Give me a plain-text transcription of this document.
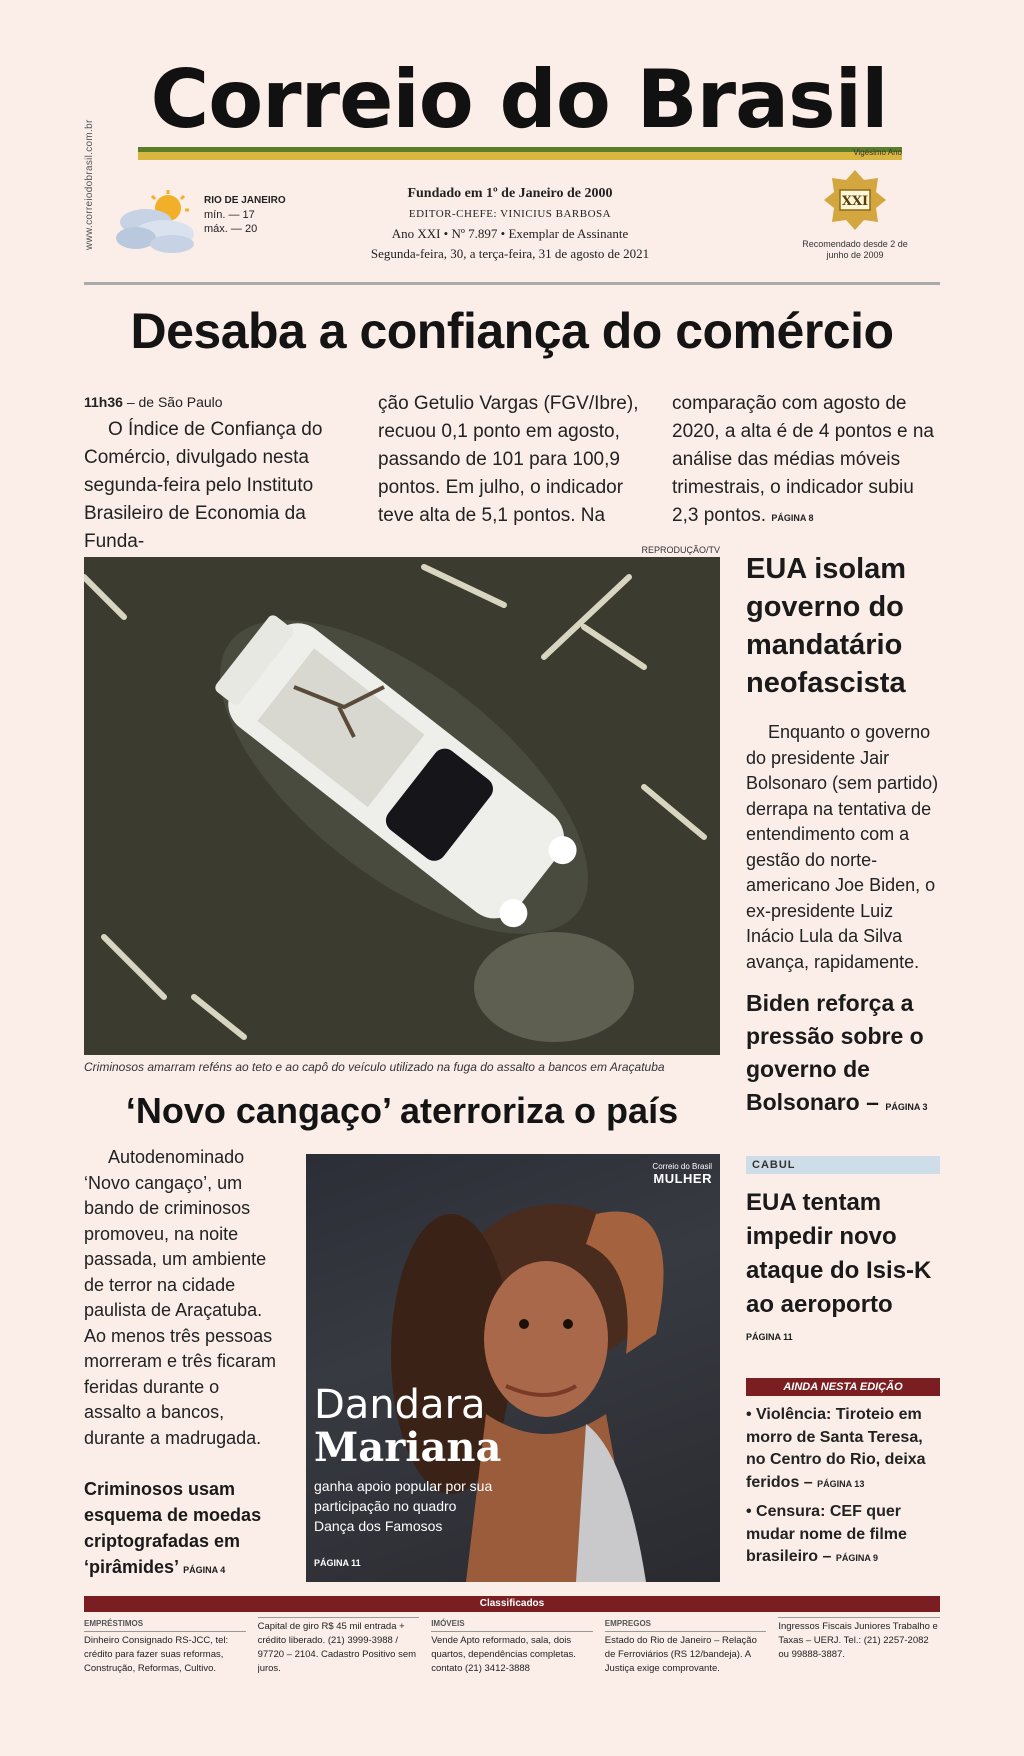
www.correiodobrasil.com.br
Correio do Brasil
Vigésimo Ano
RIO DE JANEIRO
mín. — 17
máx. — 20
Fundado em 1º de Janeiro de 2000
EDITOR-CHEFE: VINICIUS BARBOSA
Ano XXI • Nº 7.897 • Exemplar de Assinante
Segunda-feira, 30, a terça-feira, 31 de agosto de 2021
XXI
Recomendado desde 2 de junho de 2009
Desaba a confiança do comércio
11h36 – de São Paulo

O Índice de Confiança do Comércio, divulgado nesta segunda-feira pelo Instituto Brasileiro de Economia da Funda-

ção Getulio Vargas (FGV/Ibre), recuou 0,1 ponto em agosto, passando de 101 para 100,9 pontos. Em julho, o indicador teve alta de 5,1 pontos. Na
comparação com agosto de 2020, a alta é de 4 pontos e na análise das médias móveis trimestrais, o indicador subiu 2,3 pontos. PÁGINA 8
REPRODUÇÃO/TV
Criminosos amarram reféns ao teto e ao capô do veículo utilizado na fuga do assalto a bancos em Araçatuba
‘Novo cangaço’ aterroriza o país

Autodenominado ‘Novo cangaço’, um bando de criminosos promoveu, na noite passada, um ambiente de terror na cidade paulista de Araçatuba. Ao menos três pessoas morreram e três ficaram feridas durante o assalto a bancos, durante a madrugada.

Criminosos usam esquema de moedas criptografadas em ‘pirâmides’ PÁGINA 4
Correio do Brasil
MULHER
Dandara
Mariana
ganha apoio popular por sua participação no quadro Dança dos Famosos
PÁGINA 11
EUA isolam governo do mandatário neofascista

Enquanto o governo do presidente Jair Bolsonaro (sem partido) derrapa na tentativa de entendimento com a gestão do norte-americano Joe Biden, o ex-presidente Luiz Inácio Lula da Silva avança, rapidamente.

Biden reforça a pressão sobre o governo de Bolsonaro – PÁGINA 3
CABUL
EUA tentam impedir novo ataque do Isis-K ao aeroporto
PÁGINA 11
AINDA NESTA EDIÇÃO
• Violência: Tiroteio em morro de Santa Teresa, no Centro do Rio, deixa feridos – PÁGINA 13
• Censura: CEF quer mudar nome de filme brasileiro – PÁGINA 9
Classificados
EMPRÉSTIMOS
Dinheiro Consignado RS-JCC, tel: crédito para fazer suas reformas, Construção, Reformas, Cultivo.
Capital de giro R$ 45 mil entrada + crédito liberado. (21) 3999-3988 / 97720 – 2104. Cadastro Positivo sem juros.
IMÓVEIS
Vende Apto reformado, sala, dois quartos, dependências completas. contato (21) 3412-3888
EMPREGOS
Estado do Rio de Janeiro – Relação de Ferroviários (RS 12/bandeja). A Justiça exige comprovante.
Ingressos Fiscais Juniores Trabalho e Taxas – UERJ. Tel.: (21) 2257-2082 ou 99888-3887.
